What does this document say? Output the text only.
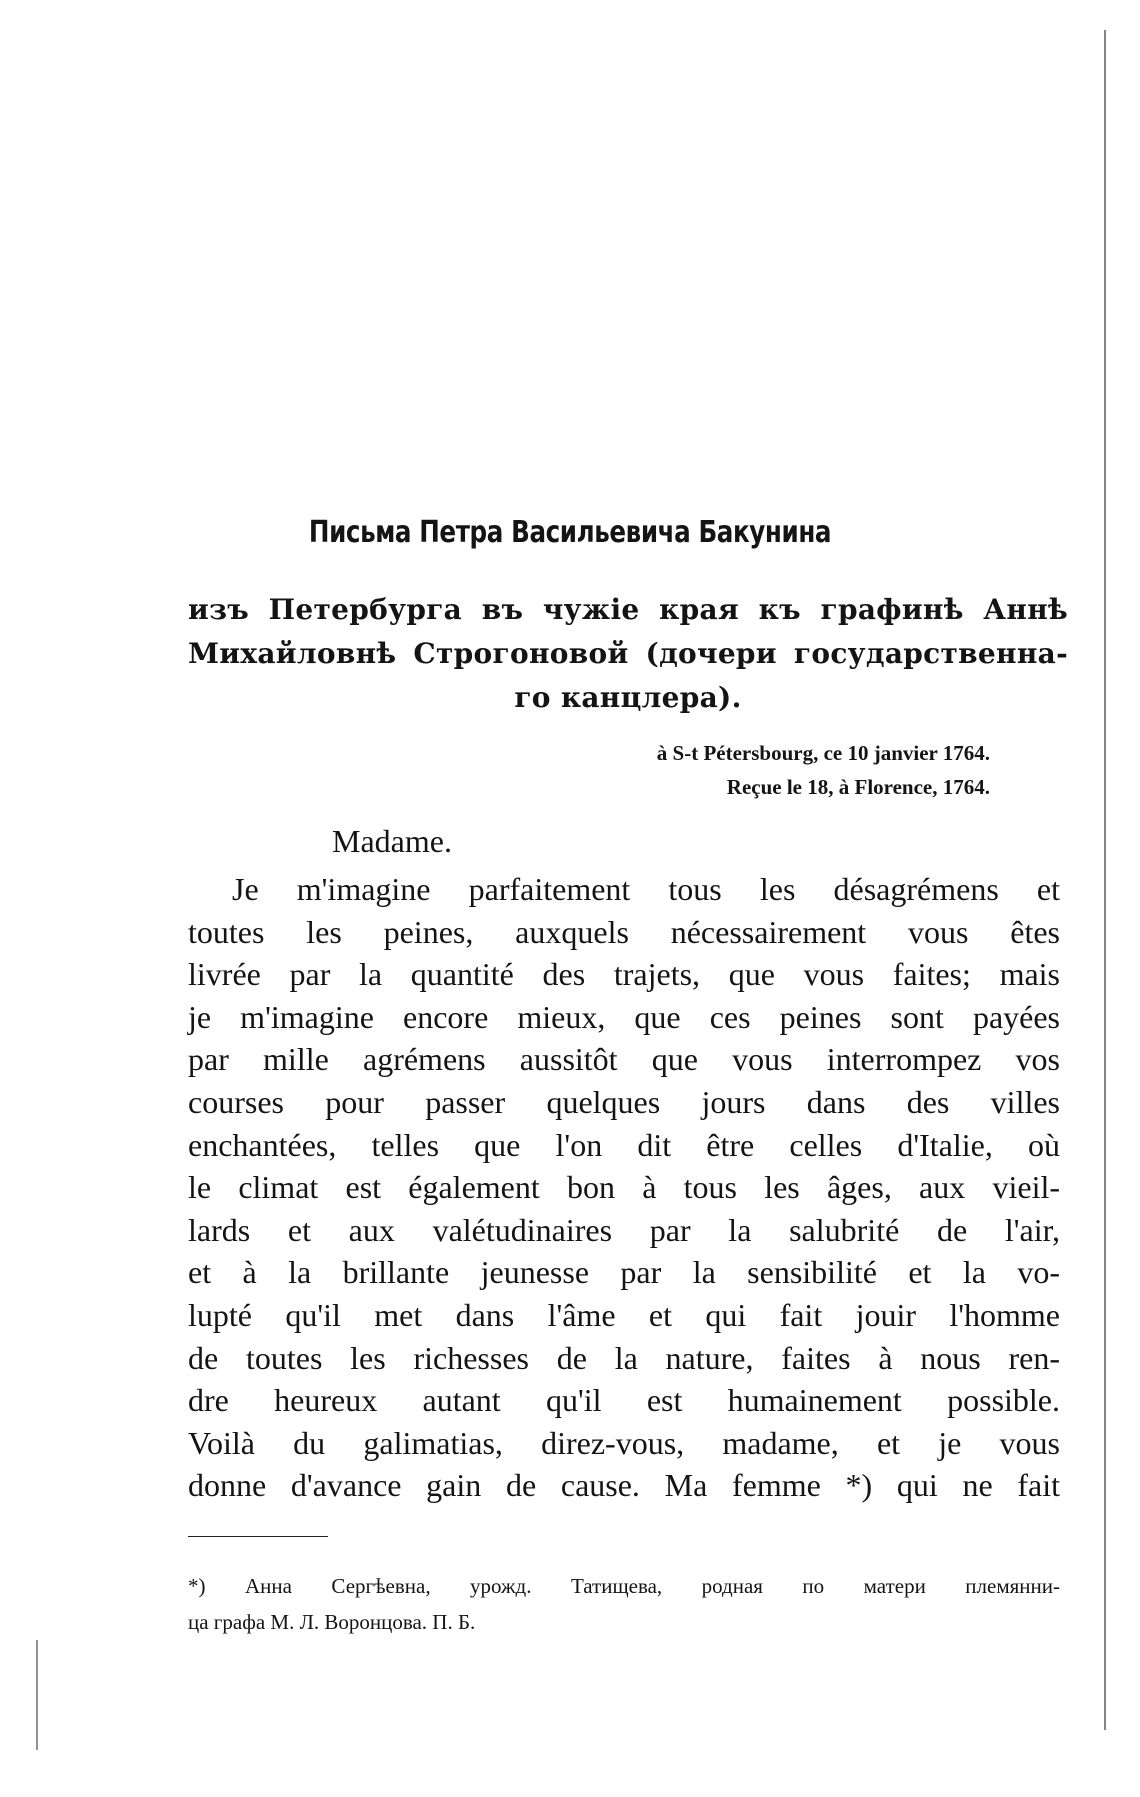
Письма Петра Васильевича Бакунина
изъ Петербурга въ чужiе края къ графинѣ Аннѣ
Михайловнѣ Строгоновой (дочери государственна-
го канцлера).
à S-t Pétersbourg, ce 10 janvier 1764.
Reçue le 18, à Florence, 1764.
Madame.
Je m'imagine parfaitement tous les désagrémens et
toutes les peines, auxquels nécessairement vous êtes
livrée par la quantité des trajets, que vous faites; mais
je m'imagine encore mieux, que ces peines sont payées
par mille agrémens aussitôt que vous interrompez vos
courses pour passer quelques jours dans des villes
enchantées, telles que l'on dit être celles d'Italie, où
le climat est également bon à tous les âges, aux vieil-
lards et aux valétudinaires par la salubrité de l'air,
et à la brillante jeunesse par la sensibilité et la vo-
lupté qu'il met dans l'âme et qui fait jouir l'homme
de toutes les richesses de la nature, faites à nous ren-
dre heureux autant qu'il est humainement possible.
Voilà du galimatias, direz-vous, madame, et je vous
donne d'avance gain de cause. Ma femme *) qui ne fait
*) Анна Сергѣевна, урожд. Татищева, родная по матери племянни-
ца графа М. Л. Воронцова. П. Б.
